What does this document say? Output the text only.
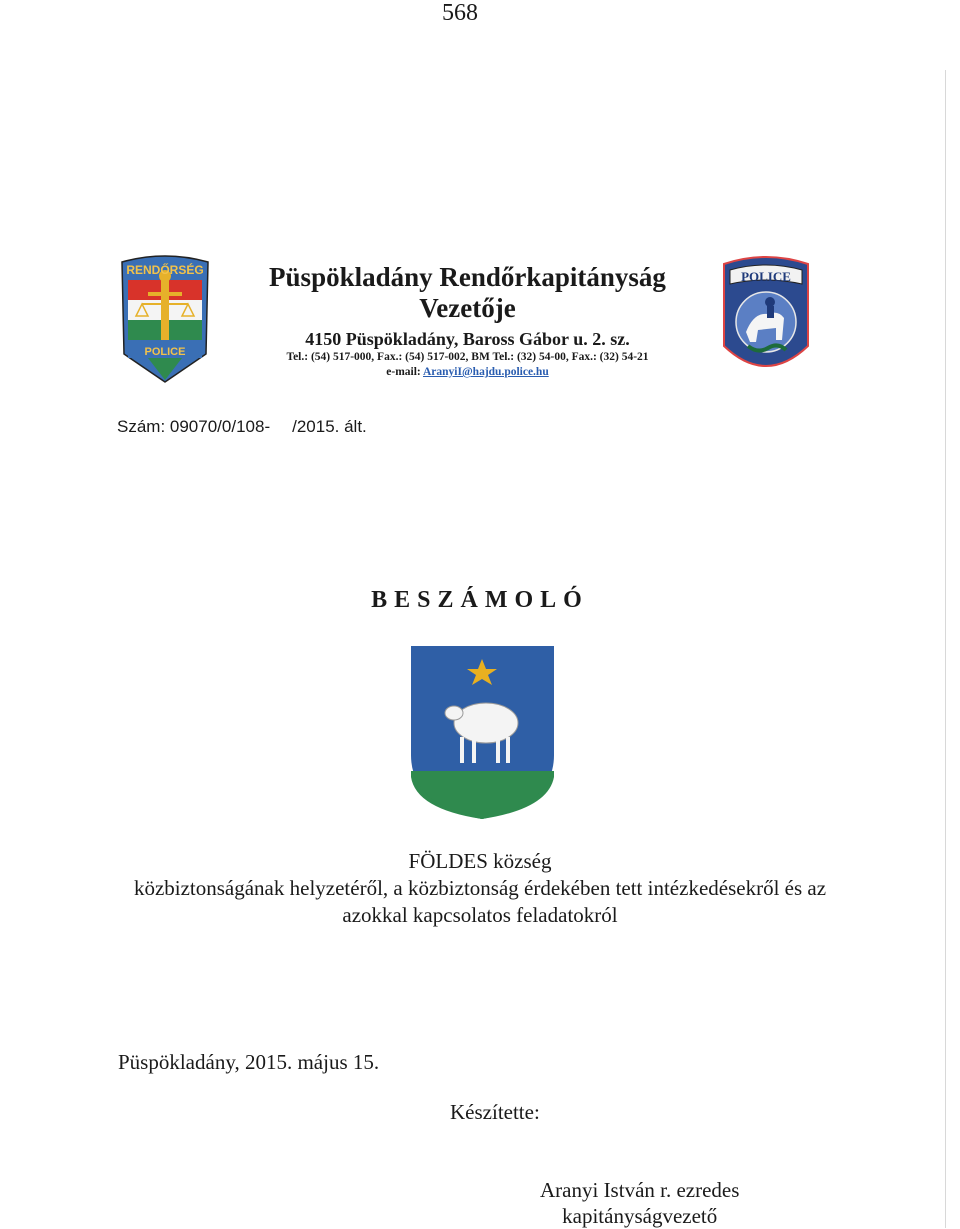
568
RENDŐRSÉG
POLICE
Püspökladány Rendőrkapitányság
Vezetője
4150 Püspökladány, Baross Gábor u. 2. sz.
Tel.: (54) 517-000, Fax.: (54) 517-002, BM Tel.: (32) 54-00, Fax.: (32) 54-21
e-mail: AranyiI@hajdu.police.hu
POLICE
Szám: 09070/0/108- /2015. ált.
BESZÁMOLÓ
FÖLDES község
közbiztonságának helyzetéről, a közbiztonság érdekében tett intézkedésekről és az
azokkal kapcsolatos feladatokról
Püspökladány, 2015. május 15.
Készítette:
Aranyi István r. ezredes
kapitányságvezető
